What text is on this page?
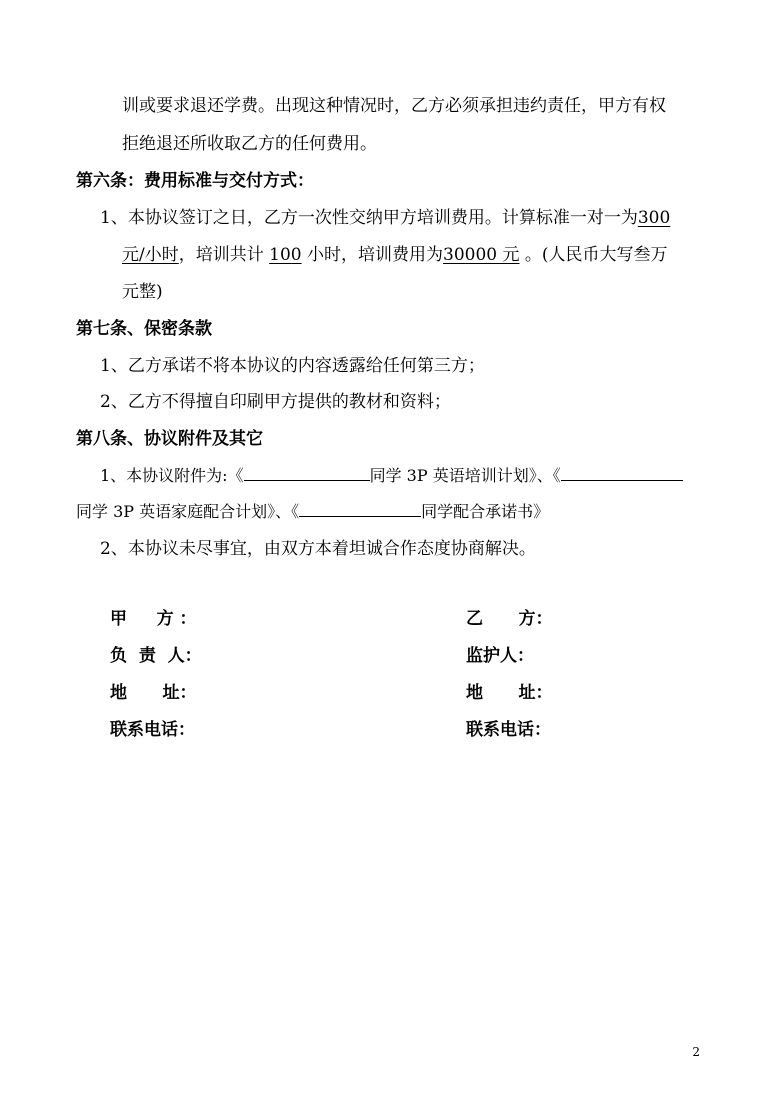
训或要求退还学费。出现这种情况时，乙方必须承担违约责任，甲方有权
拒绝退还所收取乙方的任何费用。
第六条：费用标准与交付方式：
1、本协议签订之日，乙方一次性交纳甲方培训费用。计算标准一对一为300
元/小时，培训共计 100 小时，培训费用为30000 元 。(人民币大写叁万
元整)
第七条、保密条款
1、乙方承诺不将本协议的内容透露给任何第三方；
2、乙方不得擅自印刷甲方提供的教材和资料；
第八条、协议附件及其它
1、本协议附件为:《	同学 3P 英语培训计划》、《
同学 3P 英语家庭配合计划》、《	同学配合承诺书》
2、本协议未尽事宜，由双方本着坦诚合作态度协商解决。
甲     方 ：
负  责  人：
地      址：
联系电话：
乙      方：
监护人：
地      址：
联系电话：
2
